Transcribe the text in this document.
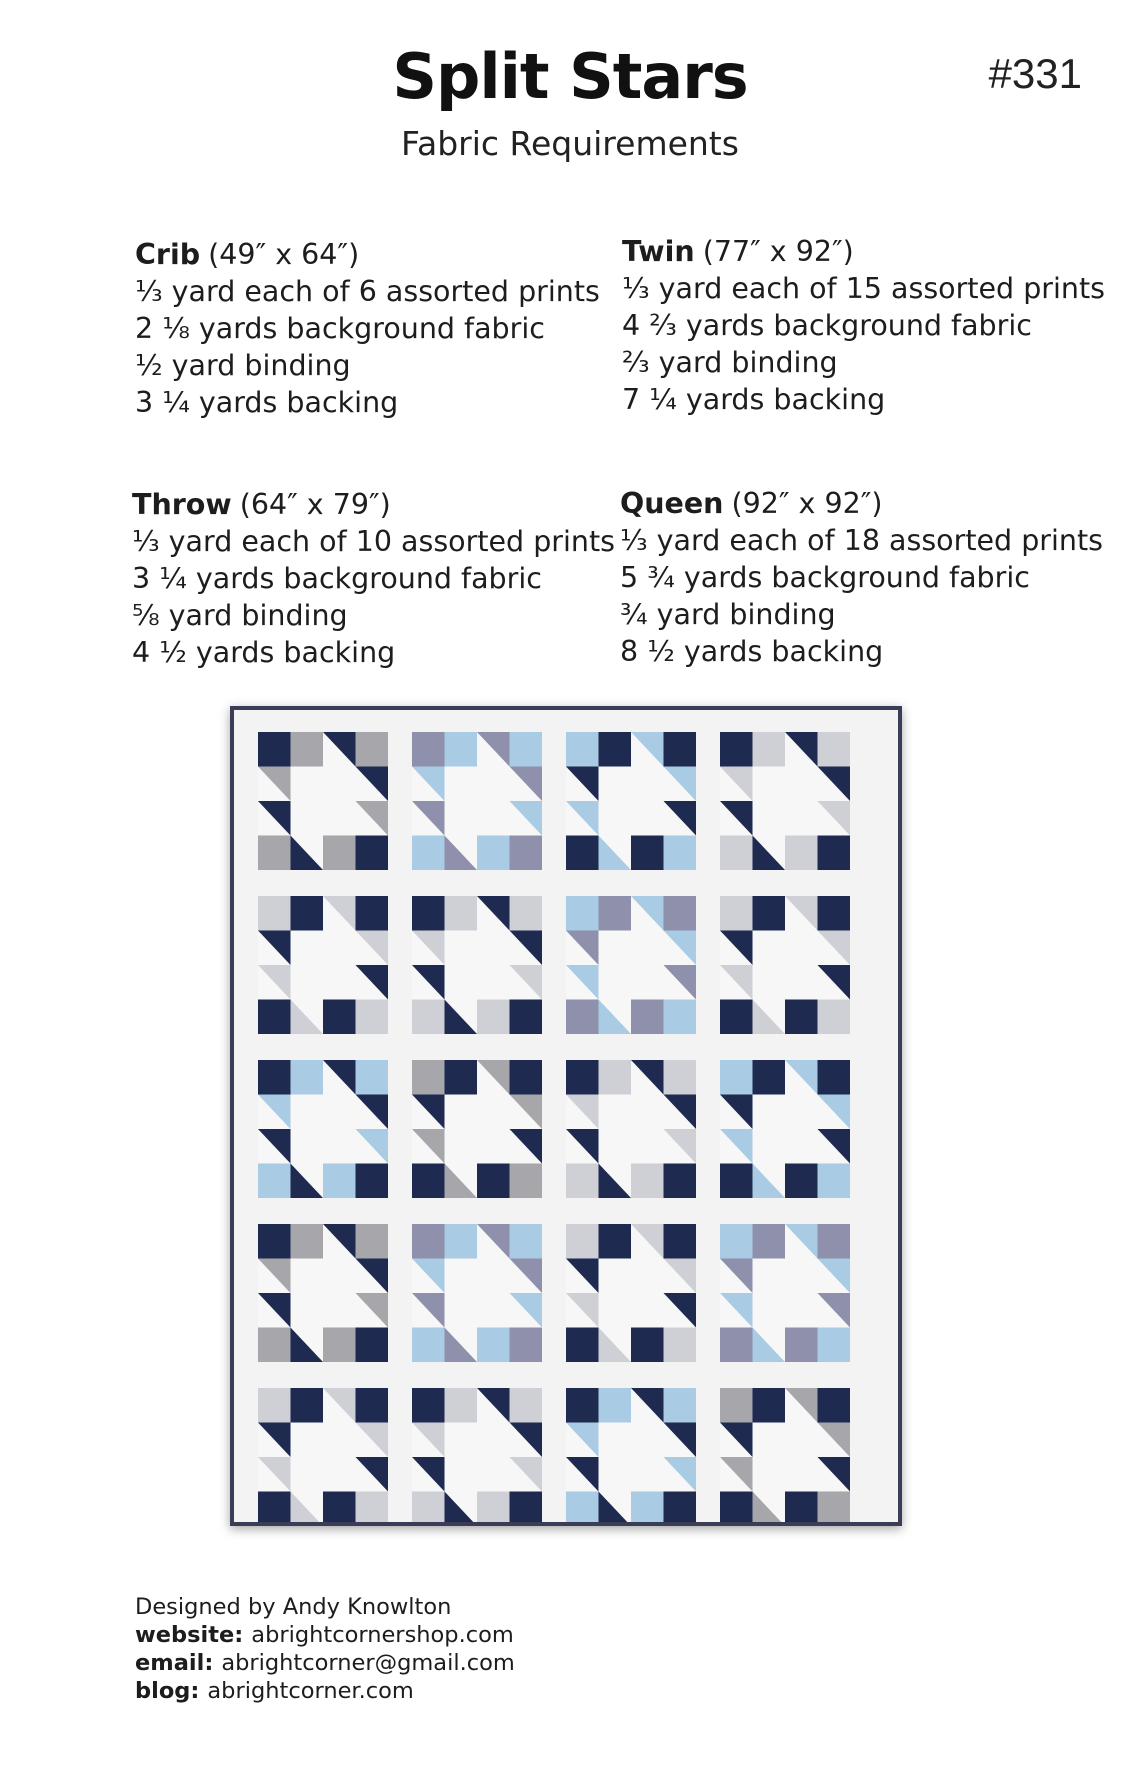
Split Stars	#331
Fabric Requirements
Crib (49″ x 64″)
⅓ yard each of 6 assorted prints
2 ⅛ yards background fabric
½ yard binding
3 ¼ yards backing
Twin (77″ x 92″)
⅓ yard each of 15 assorted prints
4 ⅔ yards background fabric
⅔ yard binding
7 ¼ yards backing
Throw (64″ x 79″)
⅓ yard each of 10 assorted prints
3 ¼ yards background fabric
⅝ yard binding
4 ½ yards backing
Queen (92″ x 92″)
⅓ yard each of 18 assorted prints
5 ¾ yards background fabric
¾ yard binding
8 ½ yards backing
Designed by Andy Knowlton
website: abrightcornershop.com
email: abrightcorner@gmail.com
blog: abrightcorner.com
